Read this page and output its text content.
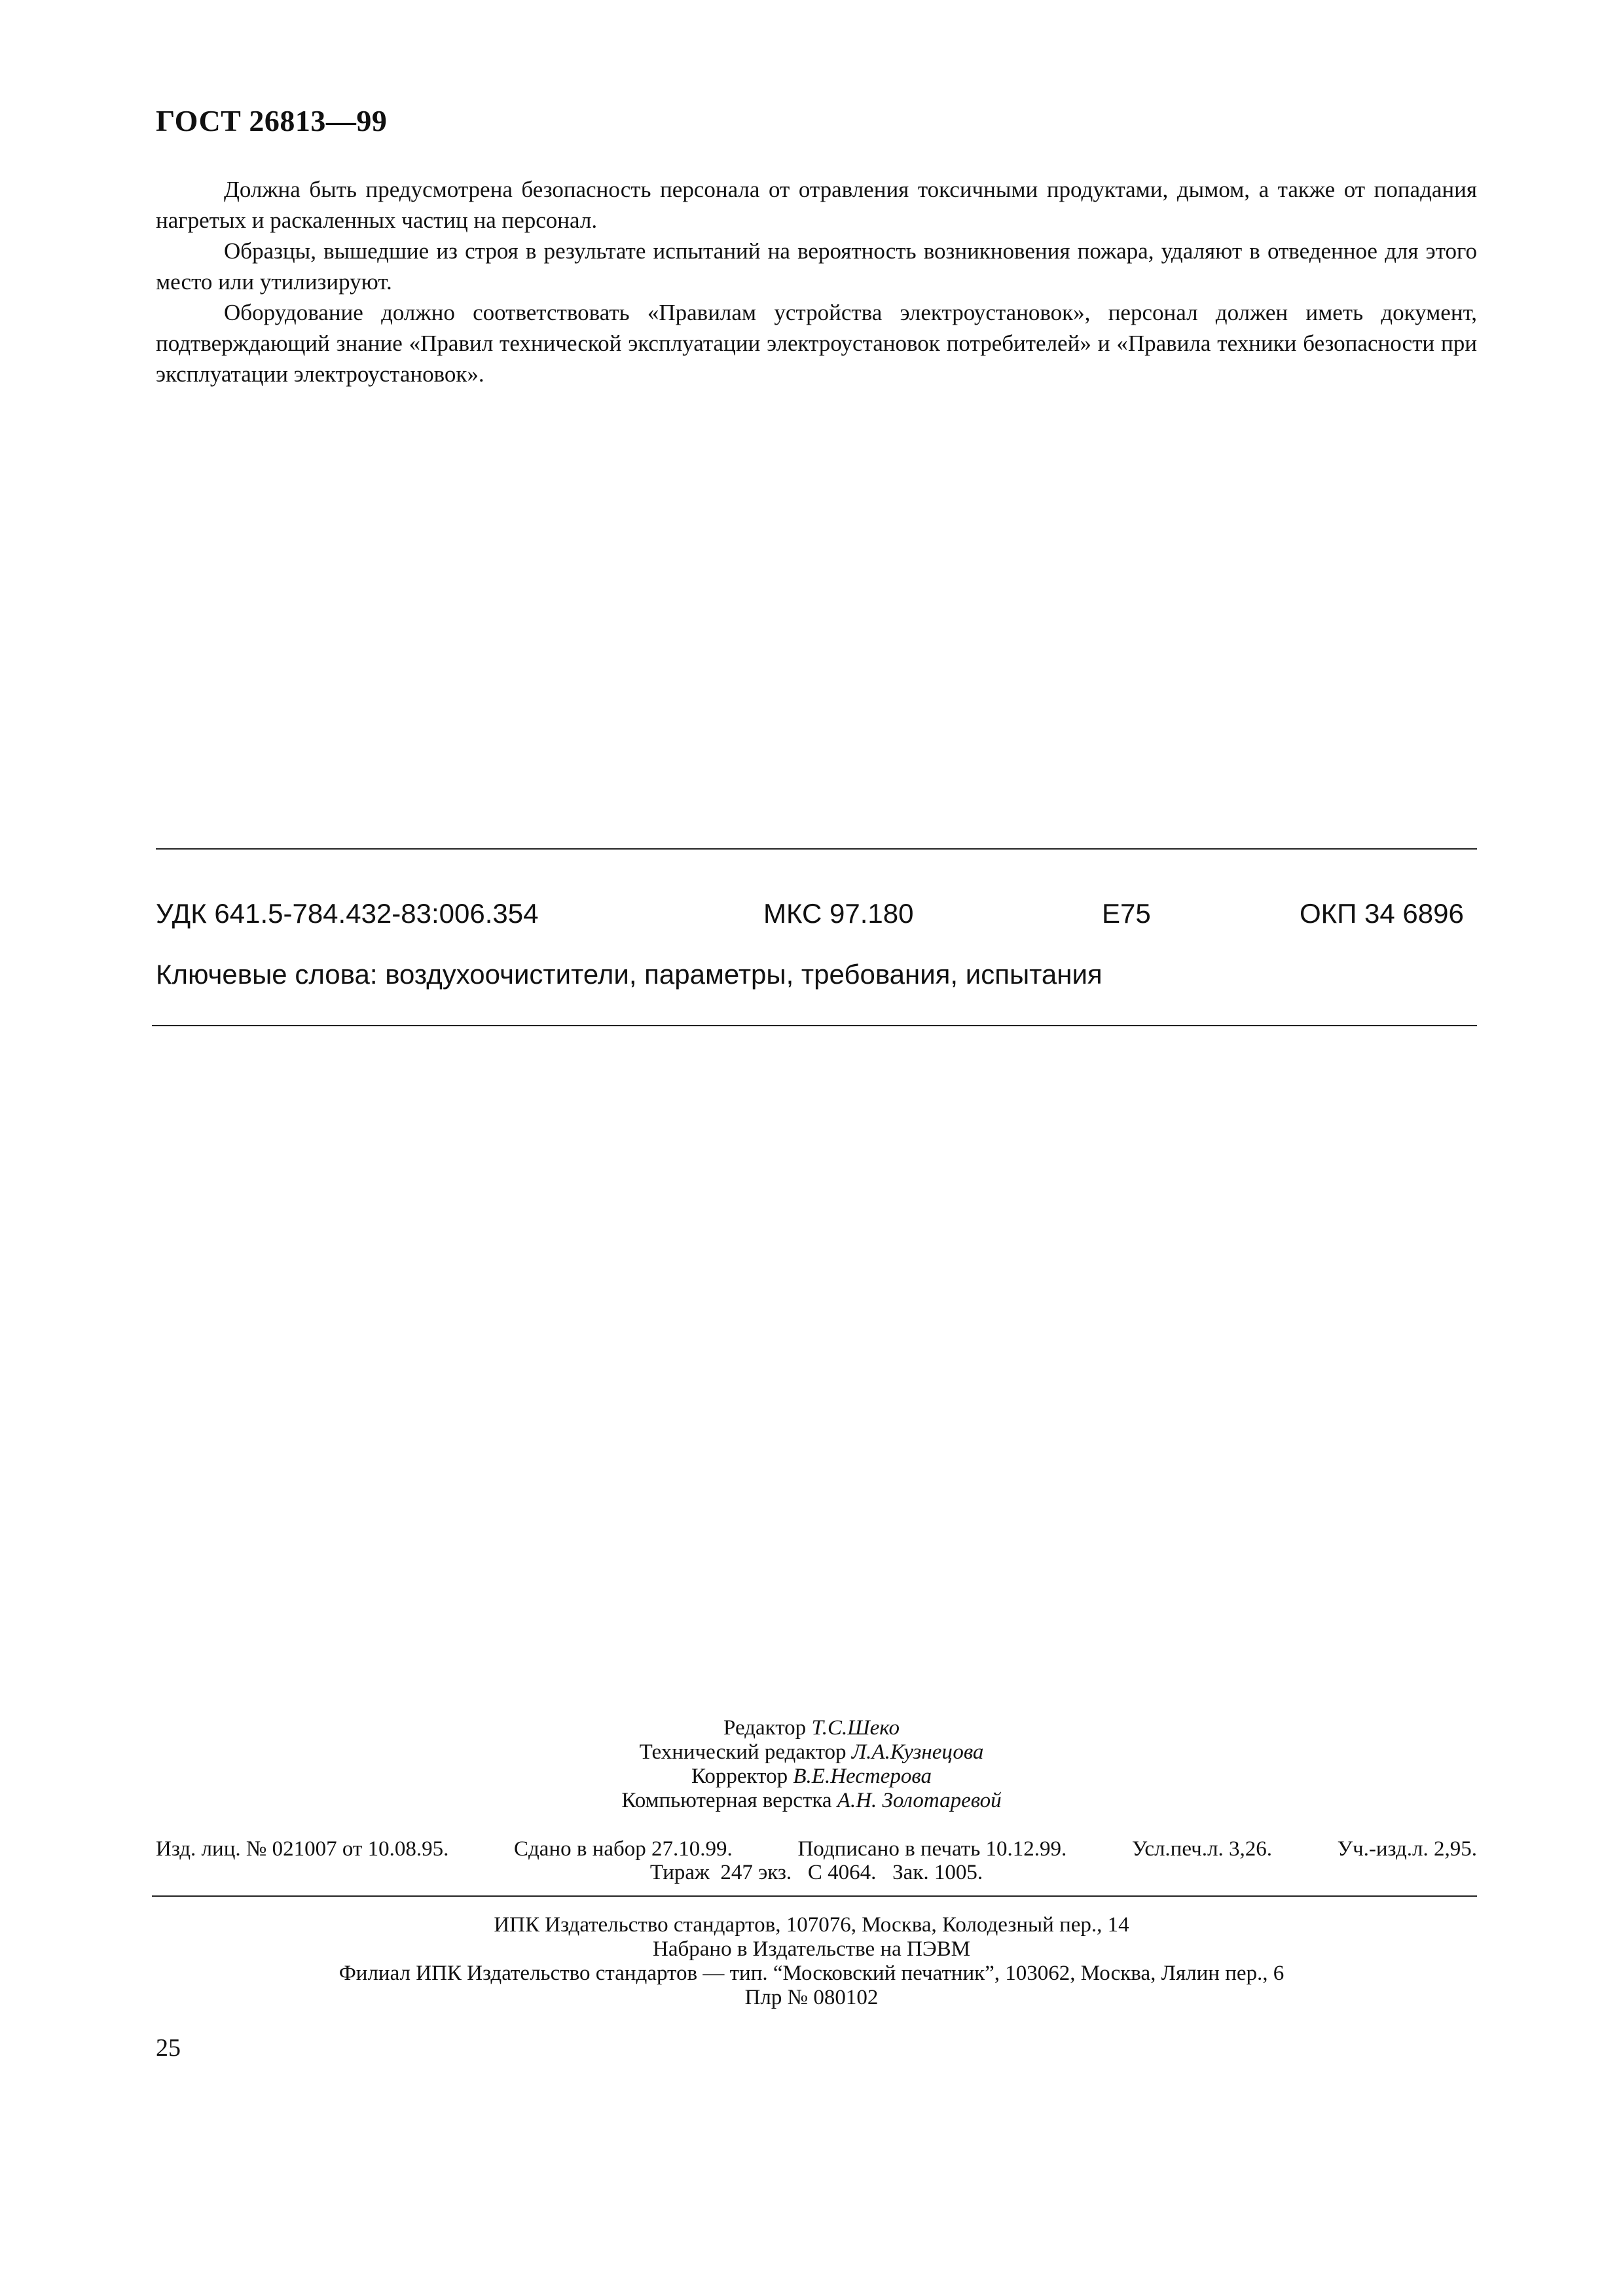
ГОСТ 26813—99

Должна быть предусмотрена безопасность персонала от отравления токсичными продуктами, дымом, а также от попадания нагретых и раскаленных частиц на персонал.

Образцы, вышедшие из строя в результате испытаний на вероятность возникновения пожара, удаляют в отведенное для этого место или утилизируют.

Оборудование должно соответствовать «Правилам устройства электроустановок», персонал должен иметь документ, подтверждающий знание «Правил технической эксплуатации электроустановок потребителей» и «Правила техники безопасности при эксплуатации электроустановок».

УДК 641.5-784.432-83:006.354	МКС 97.180	Е75	ОКП 34 6896
Ключевые слова: воздухоочистители, параметры, требования, испытания
Редактор Т.С.Шеко
Технический редактор Л.А.Кузнецова
Корректор В.Е.Нестерова
Компьютерная верстка А.Н. Золотаревой
Изд. лиц. № 021007 от 10.08.95.	Сдано в набор 27.10.99.	Подписано в печать 10.12.99.	Усл.печ.л. 3,26.	Уч.-изд.л. 2,95.
Тираж  247 экз. С 4064. Зак. 1005.
ИПК Издательство стандартов, 107076, Москва, Колодезный пер., 14
Набрано в Издательстве на ПЭВМ
Филиал ИПК Издательство стандартов — тип. “Московский печатник”, 103062, Москва, Лялин пер., 6
Плр № 080102
25
